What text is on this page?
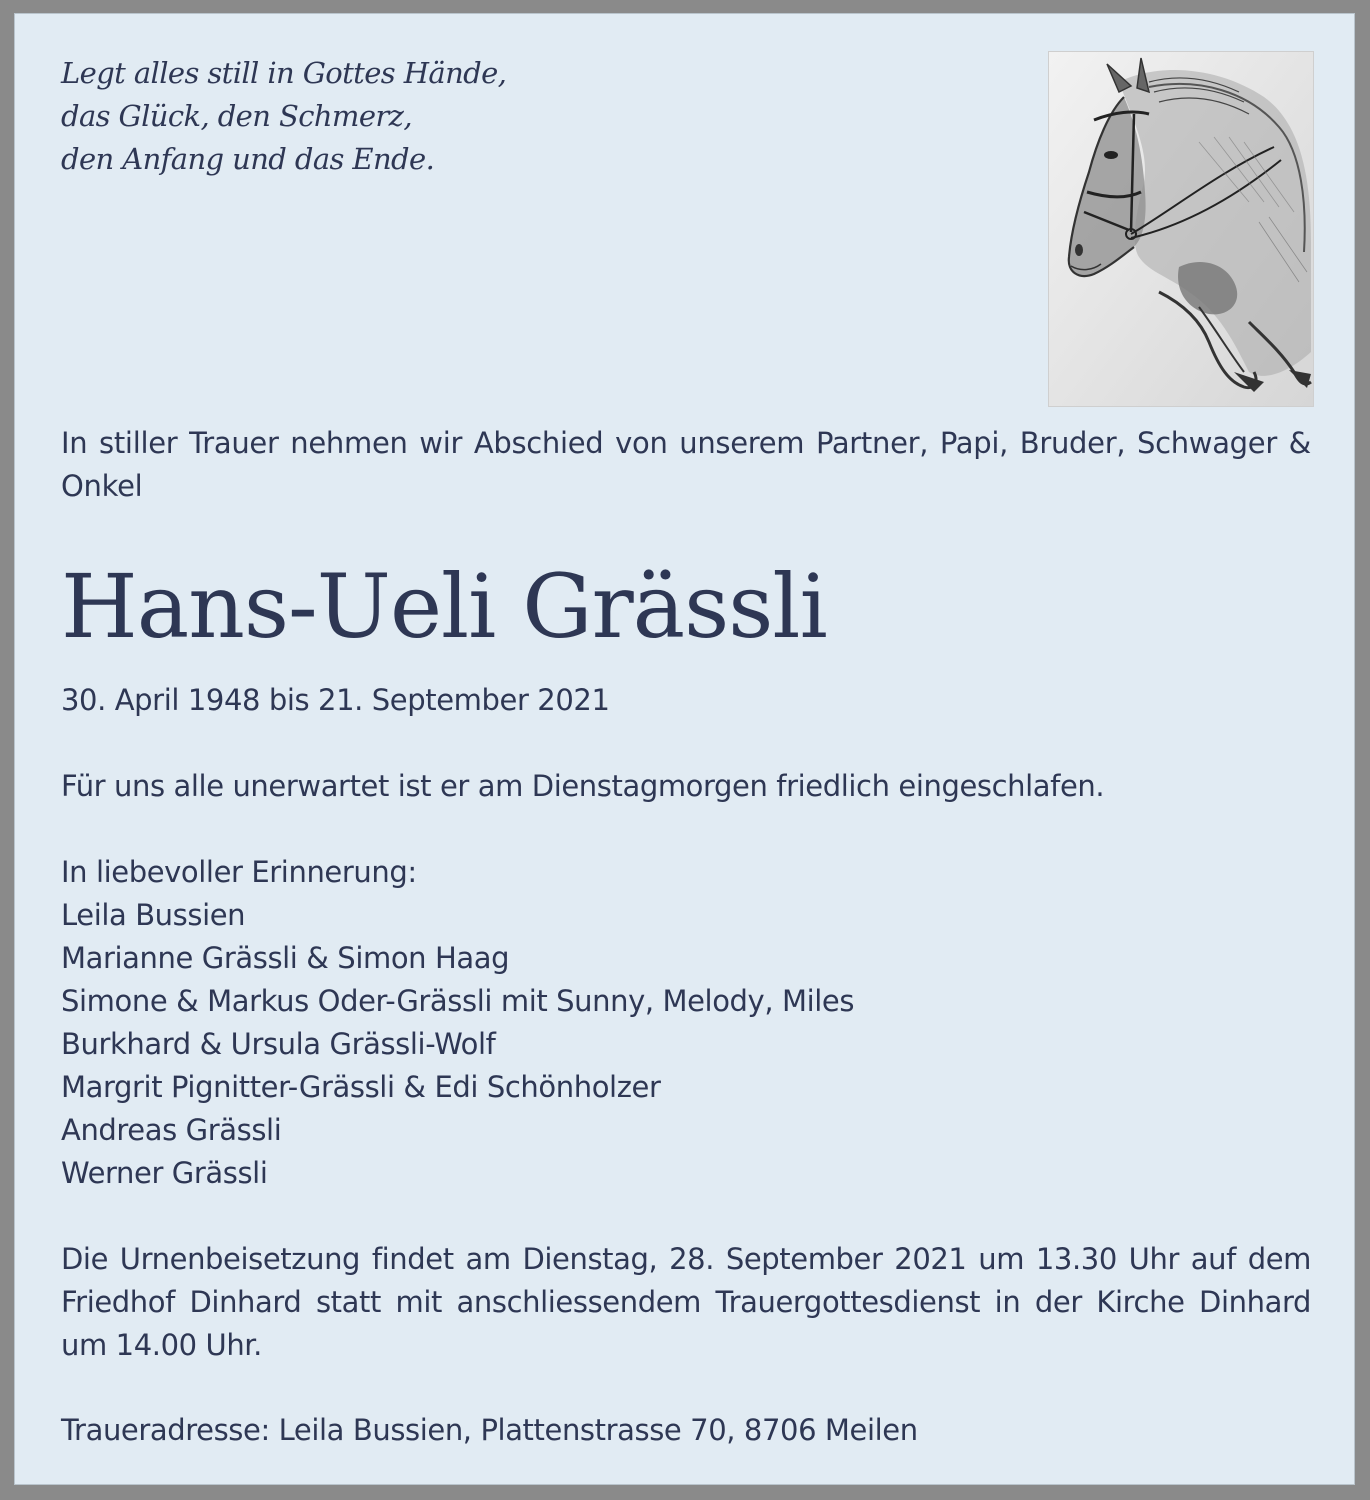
Legt alles still in Gottes Hände,
das Glück, den Schmerz,
den Anfang und das Ende.
In stiller Trauer nehmen wir Abschied von unserem Partner, Papi, Bruder, Schwager & Onkel
Hans-Ueli Grässli
30. April 1948 bis 21. September 2021
Für uns alle unerwartet ist er am Dienstagmorgen friedlich eingeschlafen.
In liebevoller Erinnerung:
Leila Bussien
Marianne Grässli & Simon Haag
Simone & Markus Oder-Grässli mit Sunny, Melody, Miles
Burkhard & Ursula Grässli-Wolf
Margrit Pignitter-Grässli & Edi Schönholzer
Andreas Grässli
Werner Grässli
Die Urnenbeisetzung findet am Dienstag, 28. September 2021 um 13.30 Uhr auf dem Friedhof Dinhard statt mit anschliessendem Trauergottesdienst in der Kirche Dinhard um 14.00 Uhr.
Traueradresse: Leila Bussien, Plattenstrasse 70, 8706 Meilen
